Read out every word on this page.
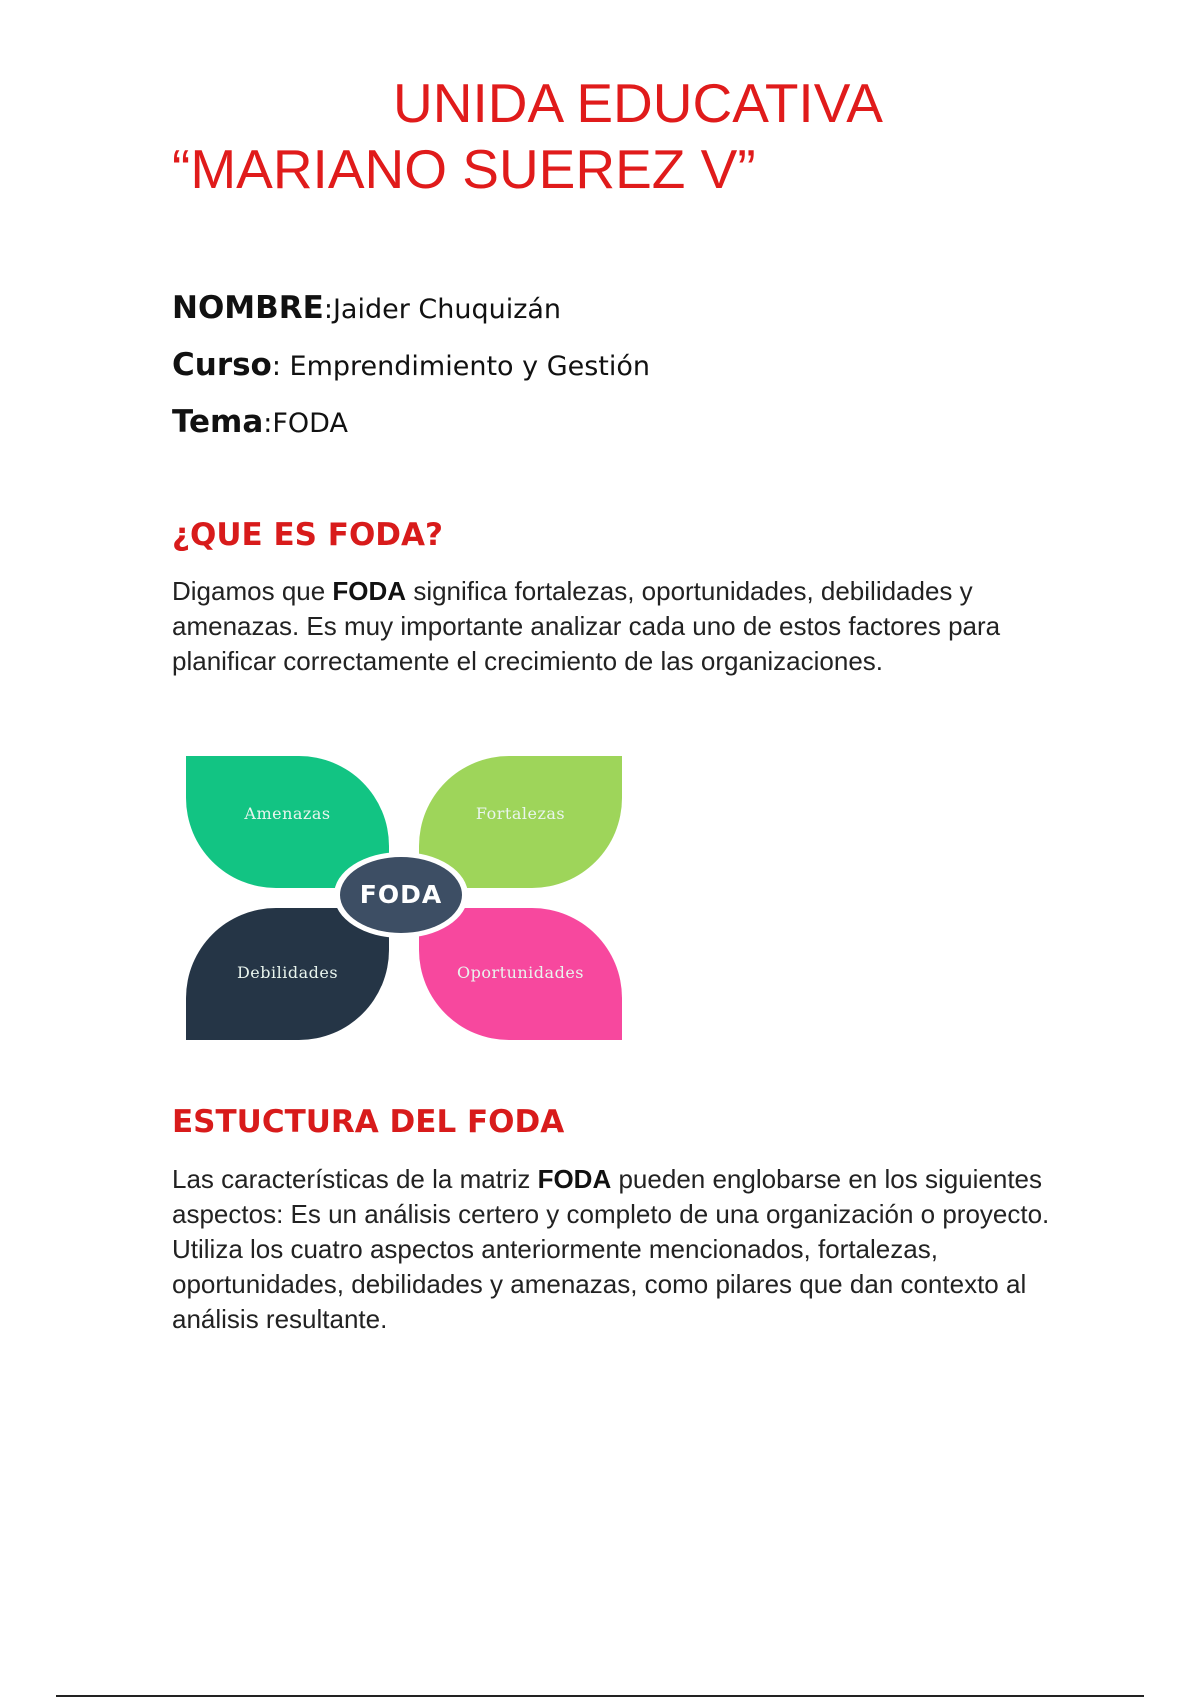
UNIDA EDUCATIVA
“MARIANO SUEREZ V”
NOMBRE:Jaider Chuquizán
Curso: Emprendimiento y Gestión
Tema:FODA
¿QUE ES FODA?

Digamos que FODA significa fortalezas, oportunidades, debilidades y amenazas. Es muy importante analizar cada uno de estos factores para planificar correctamente el crecimiento de las organizaciones.

Amenazas	Fortalezas
Debilidades	Oportunidades
FODA
ESTUCTURA DEL FODA

Las características de la matriz FODA pueden englobarse en los siguientes aspectos: Es un análisis certero y completo de una organización o proyecto. Utiliza los cuatro aspectos anteriormente mencionados, fortalezas, oportunidades, debilidades y amenazas, como pilares que dan contexto al análisis resultante.
